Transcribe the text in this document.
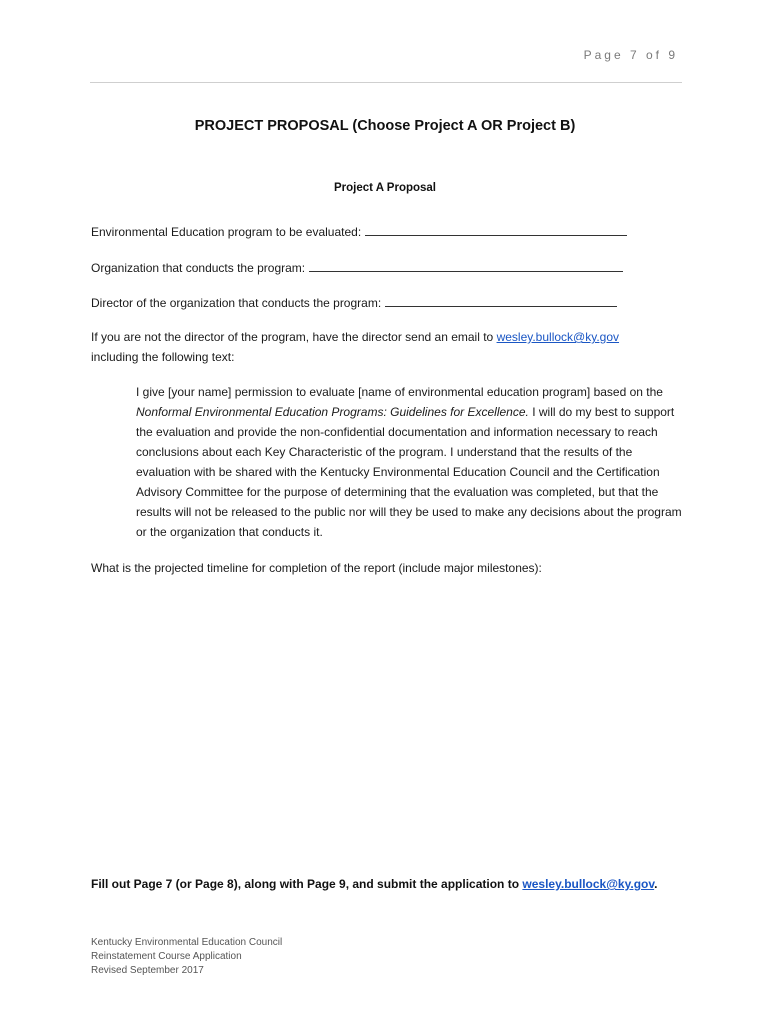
Page 7 of 9
PROJECT PROPOSAL (Choose Project A OR Project B)
Project A Proposal
Environmental Education program to be evaluated:
Organization that conducts the program:
Director of the organization that conducts the program:
If you are not the director of the program, have the director send an email to wesley.bullock@ky.gov
including the following text:

I give [your name] permission to evaluate [name of environmental education program] based on the Nonformal Environmental Education Programs: Guidelines for Excellence. I will do my best to support the evaluation and provide the non-confidential documentation and information necessary to reach conclusions about each Key Characteristic of the program. I understand that the results of the evaluation with be shared with the Kentucky Environmental Education Council and the Certification Advisory Committee for the purpose of determining that the evaluation was completed, but that the results will not be released to the public nor will they be used to make any decisions about the program or the organization that conducts it.

What is the projected timeline for completion of the report (include major milestones):
Fill out Page 7 (or Page 8), along with Page 9, and submit the application to wesley.bullock@ky.gov.
Kentucky Environmental Education Council
Reinstatement Course Application
Revised September 2017
